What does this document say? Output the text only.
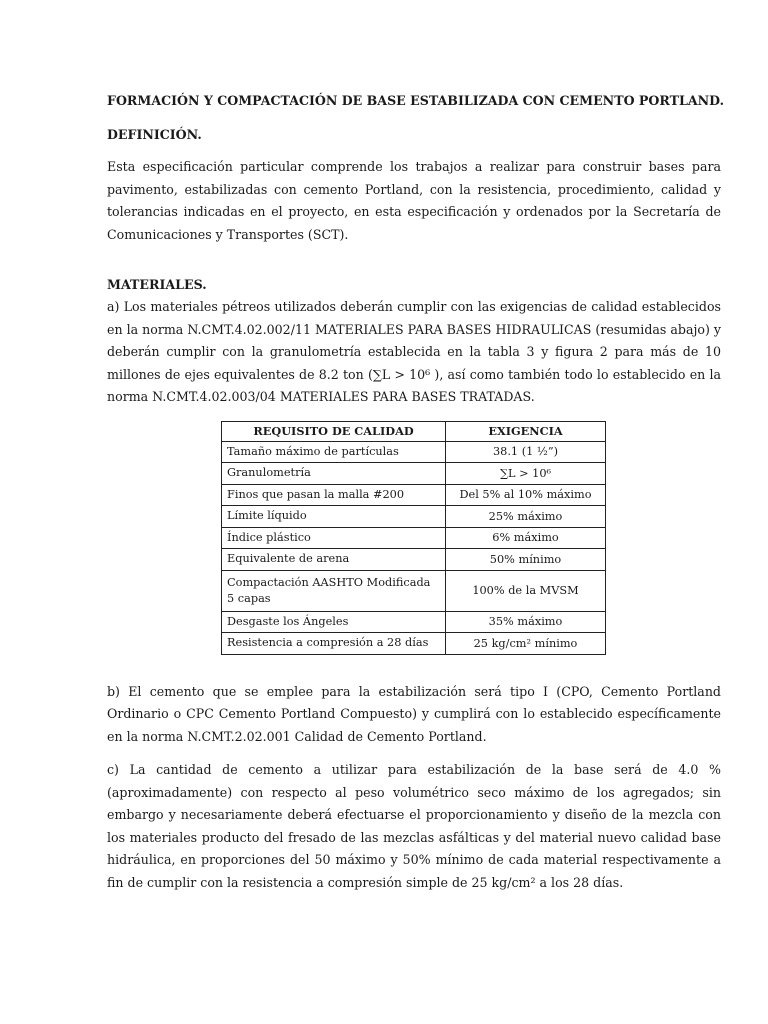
FORMACIÓN Y COMPACTACIÓN DE BASE ESTABILIZADA CON CEMENTO PORTLAND.
DEFINICIÓN.

Esta especificación particular comprende los trabajos a realizar para construir bases para pavimento, estabilizadas con cemento Portland, con la resistencia, procedimiento, calidad y tolerancias indicadas en el proyecto, en esta especificación y ordenados por la Secretaría de Comunicaciones y Transportes (SCT).

MATERIALES.

a) Los materiales pétreos utilizados deberán cumplir con las exigencias de calidad establecidos en la norma N.CMT.4.02.002/11 MATERIALES PARA BASES HIDRAULICAS (resumidas abajo) y deberán cumplir con la granulometría establecida en la tabla 3 y figura 2 para más de 10 millones de ejes equivalentes de 8.2 ton (∑L > 10⁶ ), así como también todo lo establecido en la norma N.CMT.4.02.003/04 MATERIALES PARA BASES TRATADAS.

REQUISITO DE CALIDAD	EXIGENCIA
Tamaño máximo de partículas	38.1 (1 ½”)
Granulometría	∑L > 10⁶
Finos que pasan la malla #200	Del 5% al 10% máximo
Límite líquido	25% máximo
Índice plástico	6% máximo
Equivalente de arena	50% mínimo
Compactación AASHTO Modificada 5 capas	100% de la MVSM
Desgaste los Ángeles	35% máximo
Resistencia a compresión a 28 días	25 kg/cm² mínimo

b) El cemento que se emplee para la estabilización será tipo I (CPO, Cemento Portland Ordinario o CPC Cemento Portland Compuesto) y cumplirá con lo establecido específicamente en la norma N.CMT.2.02.001 Calidad de Cemento Portland.

c) La cantidad de cemento a utilizar para estabilización de la base será de 4.0 % (aproximadamente) con respecto al peso volumétrico seco máximo de los agregados; sin embargo y necesariamente deberá efectuarse el proporcionamiento y diseño de la mezcla con los materiales producto del fresado de las mezclas asfálticas y del material nuevo calidad base hidráulica, en proporciones del 50 máximo y 50% mínimo de cada material respectivamente a fin de cumplir con la resistencia a compresión simple de 25 kg/cm² a los 28 días.
